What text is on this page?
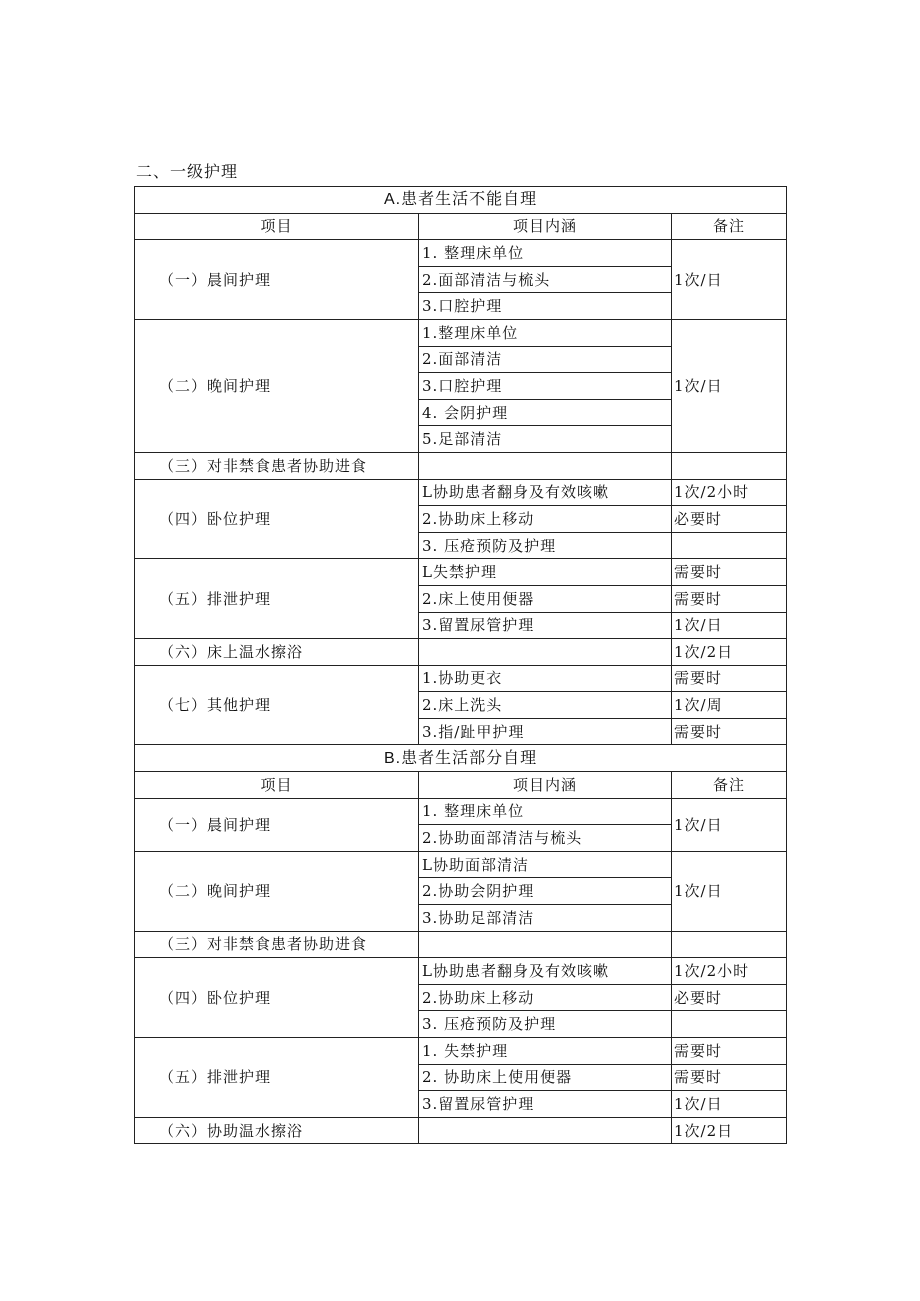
二、一级护理
A.患者生活不能自理		
项目	项目内涵	备注
（一）晨间护理	1. 整理床单位	1次/日
	2.面部清洁与梳头	
	3.口腔护理	
（二）晚间护理	1.整理床单位	1次/日
	2.面部清洁	
	3.口腔护理	
	4. 会阴护理	
	5.足部清洁	
（三）对非禁食患者协助进食		
（四）卧位护理	L协助患者翻身及有效咳嗽	1次/2小时
	2.协助床上移动	必要时
	3. 压疮预防及护理	
（五）排泄护理	L失禁护理	需要时
	2.床上使用便器	需要时
	3.留置尿管护理	1次/日
（六）床上温水擦浴		1次/2日
（七）其他护理	1.协助更衣	需要时
	2.床上洗头	1次/周
	3.指/趾甲护理	需要时
B.患者生活部分自理		
项目	项目内涵	备注
（一）晨间护理	1. 整理床单位	1次/日
	2.协助面部清洁与梳头	
（二）晚间护理	L协助面部清洁	1次/日
	2.协助会阴护理	
	3.协助足部清洁	
（三）对非禁食患者协助进食		
（四）卧位护理	L协助患者翻身及有效咳嗽	1次/2小时
	2.协助床上移动	必要时
	3. 压疮预防及护理	
（五）排泄护理	1. 失禁护理	需要时
	2. 协助床上使用便器	需要时
	3.留置尿管护理	1次/日
（六）协助温水擦浴		1次/2日
